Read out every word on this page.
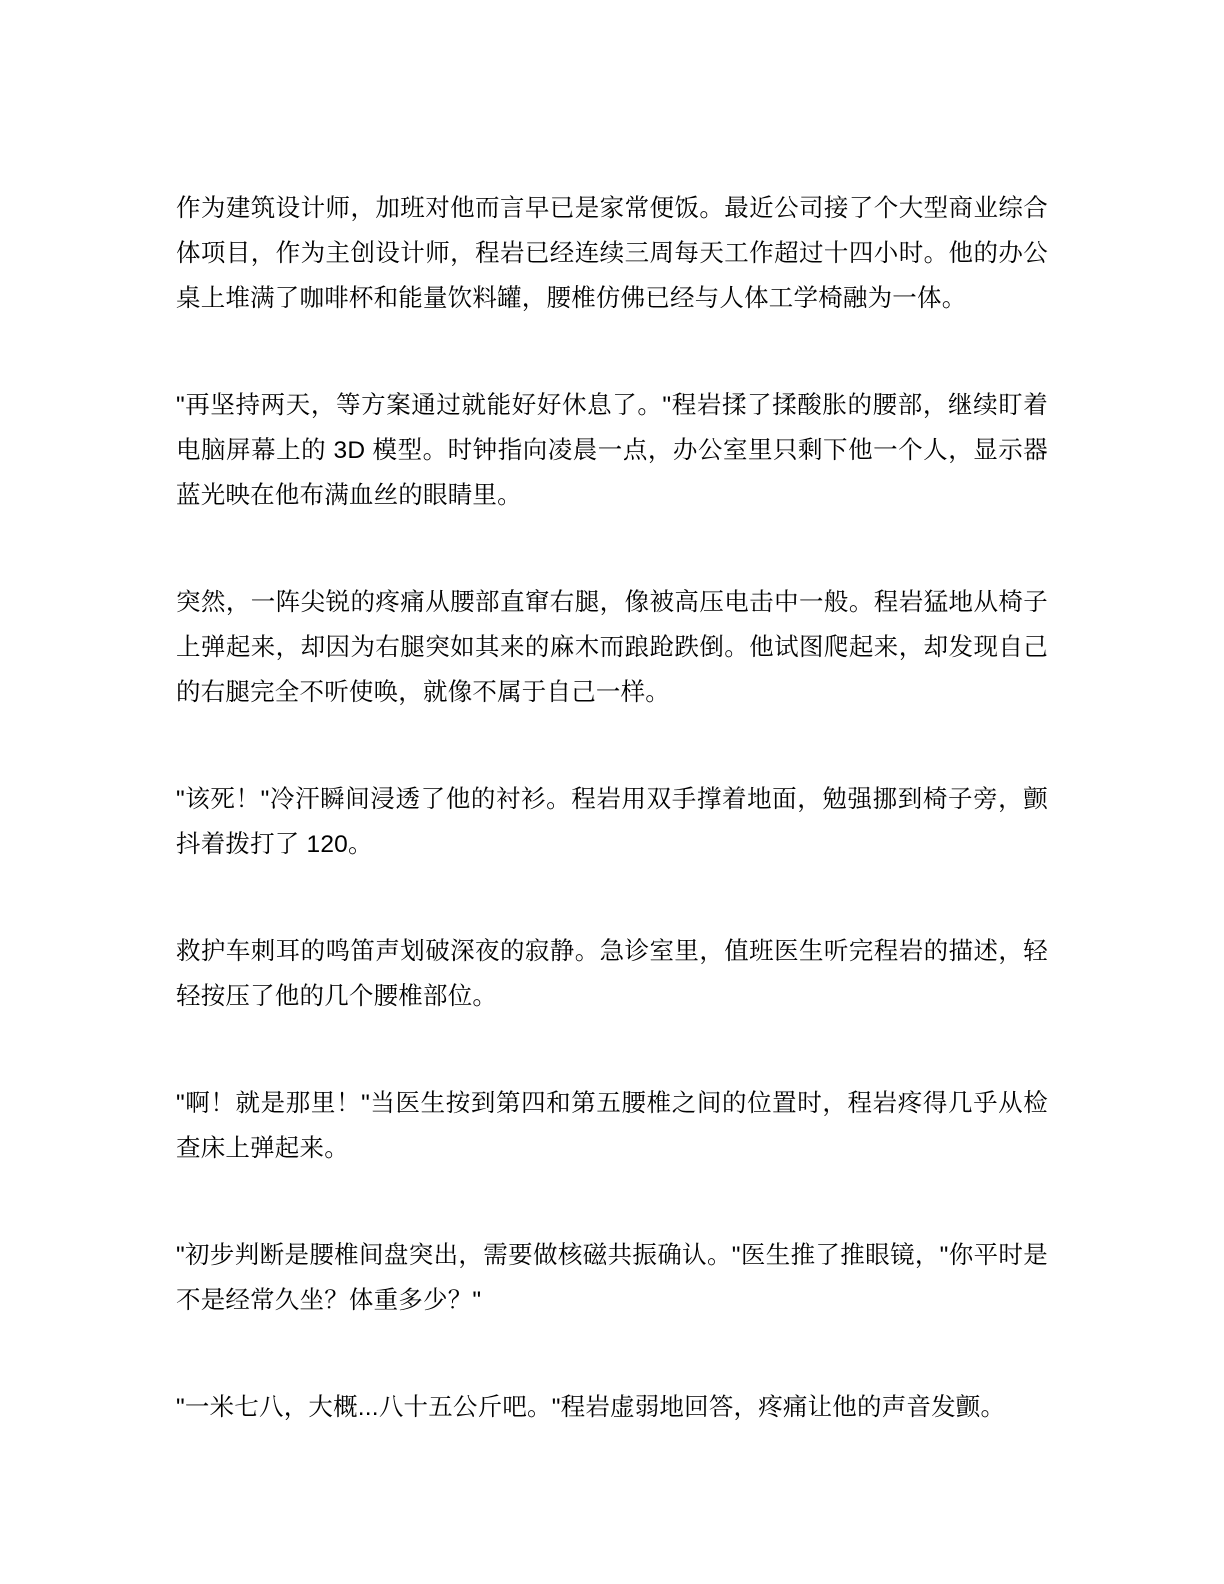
作为建筑设计师，加班对他而言早已是家常便饭。最近公司接了个大型商业综合体项目，作为主创设计师，程岩已经连续三周每天工作超过十四小时。他的办公桌上堆满了咖啡杯和能量饮料罐，腰椎仿佛已经与人体工学椅融为一体。

"再坚持两天，等方案通过就能好好休息了。"程岩揉了揉酸胀的腰部，继续盯着电脑屏幕上的 3D 模型。时钟指向凌晨一点，办公室里只剩下他一个人，显示器蓝光映在他布满血丝的眼睛里。

突然，一阵尖锐的疼痛从腰部直窜右腿，像被高压电击中一般。程岩猛地从椅子上弹起来，却因为右腿突如其来的麻木而踉跄跌倒。他试图爬起来，却发现自己的右腿完全不听使唤，就像不属于自己一样。

"该死！"冷汗瞬间浸透了他的衬衫。程岩用双手撑着地面，勉强挪到椅子旁，颤抖着拨打了 120。

救护车刺耳的鸣笛声划破深夜的寂静。急诊室里，值班医生听完程岩的描述，轻轻按压了他的几个腰椎部位。

"啊！就是那里！"当医生按到第四和第五腰椎之间的位置时，程岩疼得几乎从检查床上弹起来。

"初步判断是腰椎间盘突出，需要做核磁共振确认。"医生推了推眼镜，"你平时是不是经常久坐？体重多少？"

"一米七八，大概...八十五公斤吧。"程岩虚弱地回答，疼痛让他的声音发颤。
